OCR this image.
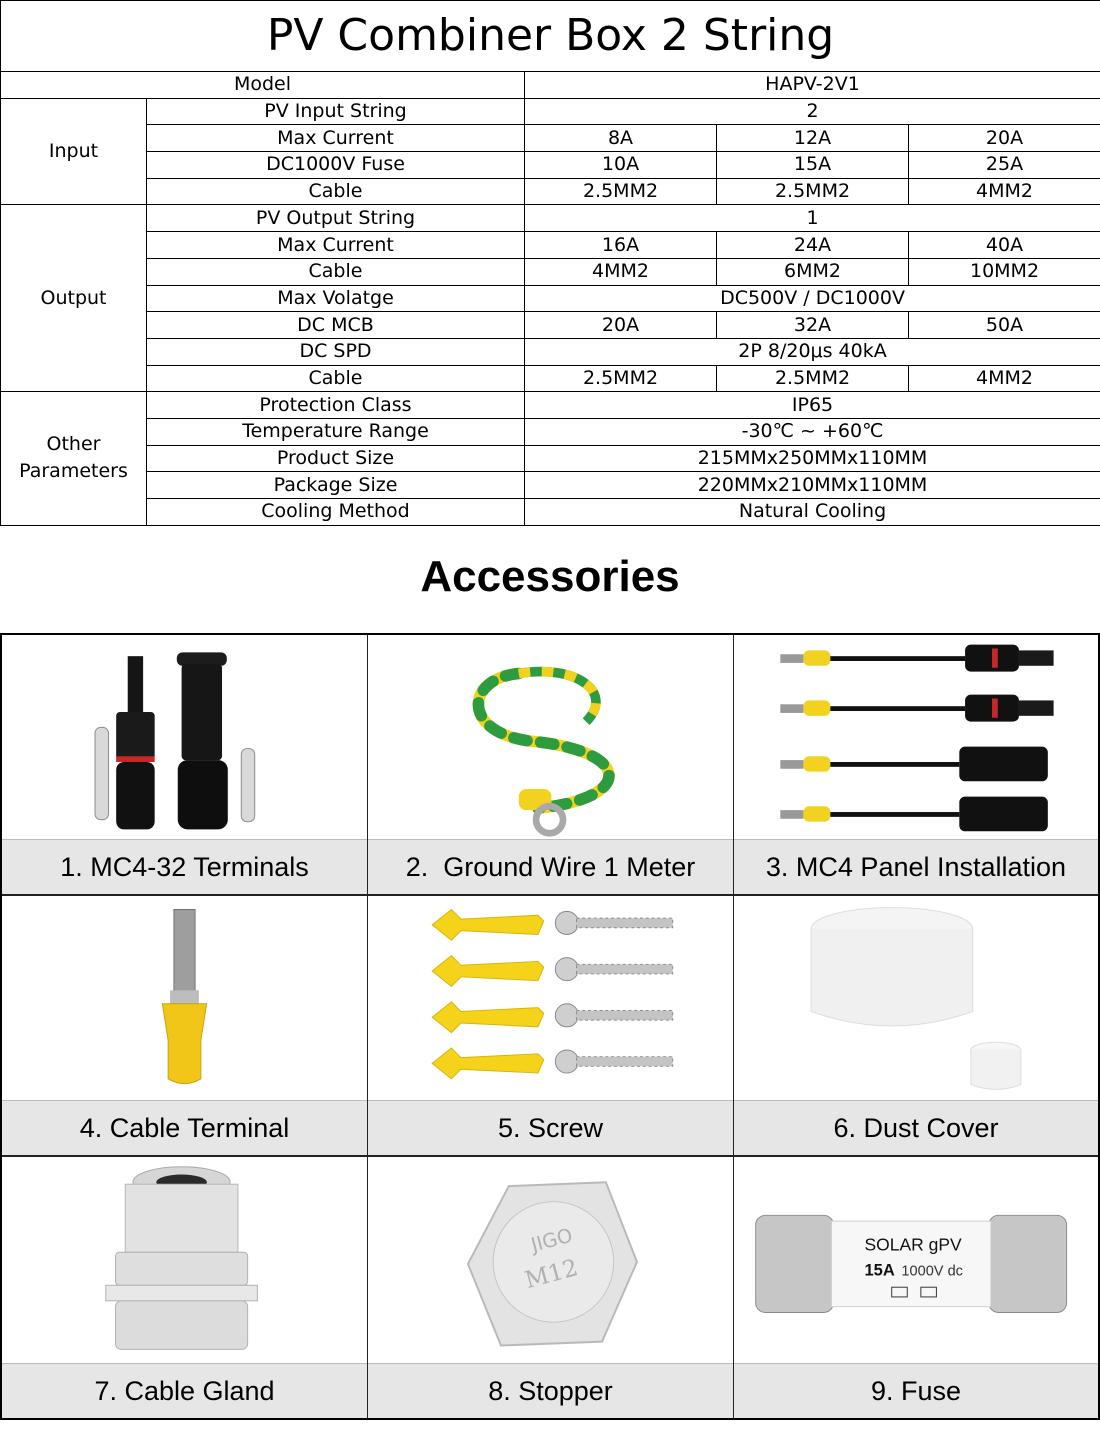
PV Combiner Box 2 String				
Model		HAPV-2V1		
Input	PV Input String	2		
	Max Current	8A	12A	20A
	DC1000V Fuse	10A	15A	25A
	Cable	2.5MM2	2.5MM2	4MM2
Output	PV Output String	1		
	Max Current	16A	24A	40A
	Cable	4MM2	6MM2	10MM2
	Max Volatge	DC500V / DC1000V		
	DC MCB	20A	32A	50A
	DC SPD	2P 8/20μs 40kA		
	Cable	2.5MM2	2.5MM2	4MM2
Other Parameters	Protection Class	IP65		
	Temperature Range	-30℃ ~ +60℃		
	Product Size	215MMx250MMx110MM		
	Package Size	220MMx210MMx110MM		
	Cooling Method	Natural Cooling		
Accessories
1. MC4-32 Terminals	2.  Ground Wire 1 Meter	3. MC4 Panel Installation
4. Cable Terminal	5. Screw	6. Dust Cover
7. Cable Gland
JIGO
M12
8. Stopper
SOLAR gPV
15A 1000V dc
9. Fuse
